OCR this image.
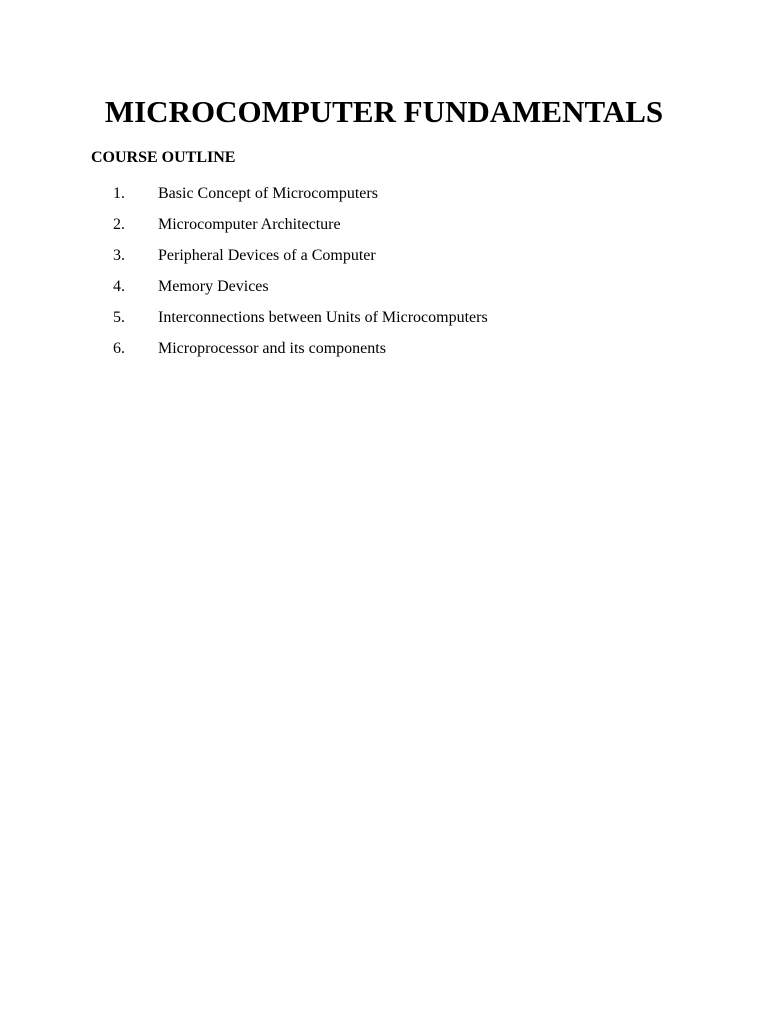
MICROCOMPUTER FUNDAMENTALS
COURSE OUTLINE
1. Basic Concept of Microcomputers
2. Microcomputer Architecture
3. Peripheral Devices of a Computer
4. Memory Devices
5. Interconnections between Units of Microcomputers
6. Microprocessor and its components
